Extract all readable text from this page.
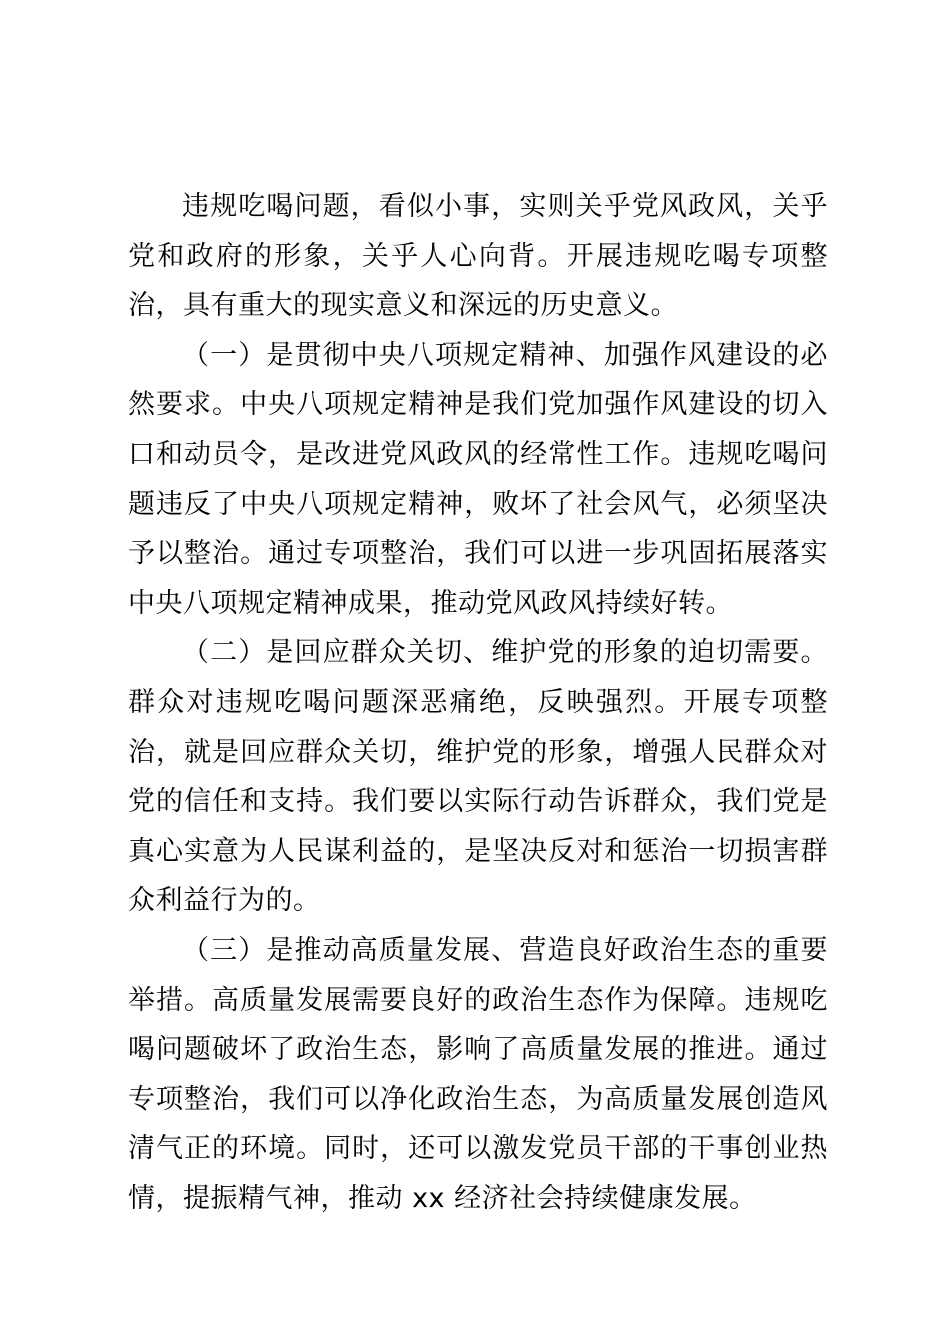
违规吃喝问题，看似小事，实则关乎党风政风，关乎党和政府的形象，关乎人心向背。开展违规吃喝专项整治，具有重大的现实意义和深远的历史意义。

（一）是贯彻中央八项规定精神、加强作风建设的必然要求。中央八项规定精神是我们党加强作风建设的切入口和动员令，是改进党风政风的经常性工作。违规吃喝问题违反了中央八项规定精神，败坏了社会风气，必须坚决予以整治。通过专项整治，我们可以进一步巩固拓展落实中央八项规定精神成果，推动党风政风持续好转。

（二）是回应群众关切、维护党的形象的迫切需要。群众对违规吃喝问题深恶痛绝，反映强烈。开展专项整治，就是回应群众关切，维护党的形象，增强人民群众对党的信任和支持。我们要以实际行动告诉群众，我们党是真心实意为人民谋利益的，是坚决反对和惩治一切损害群众利益行为的。

（三）是推动高质量发展、营造良好政治生态的重要举措。高质量发展需要良好的政治生态作为保障。违规吃喝问题破坏了政治生态，影响了高质量发展的推进。通过专项整治，我们可以净化政治生态，为高质量发展创造风清气正的环境。同时，还可以激发党员干部的干事创业热情，提振精气神，推动 xx 经济社会持续健康发展。
